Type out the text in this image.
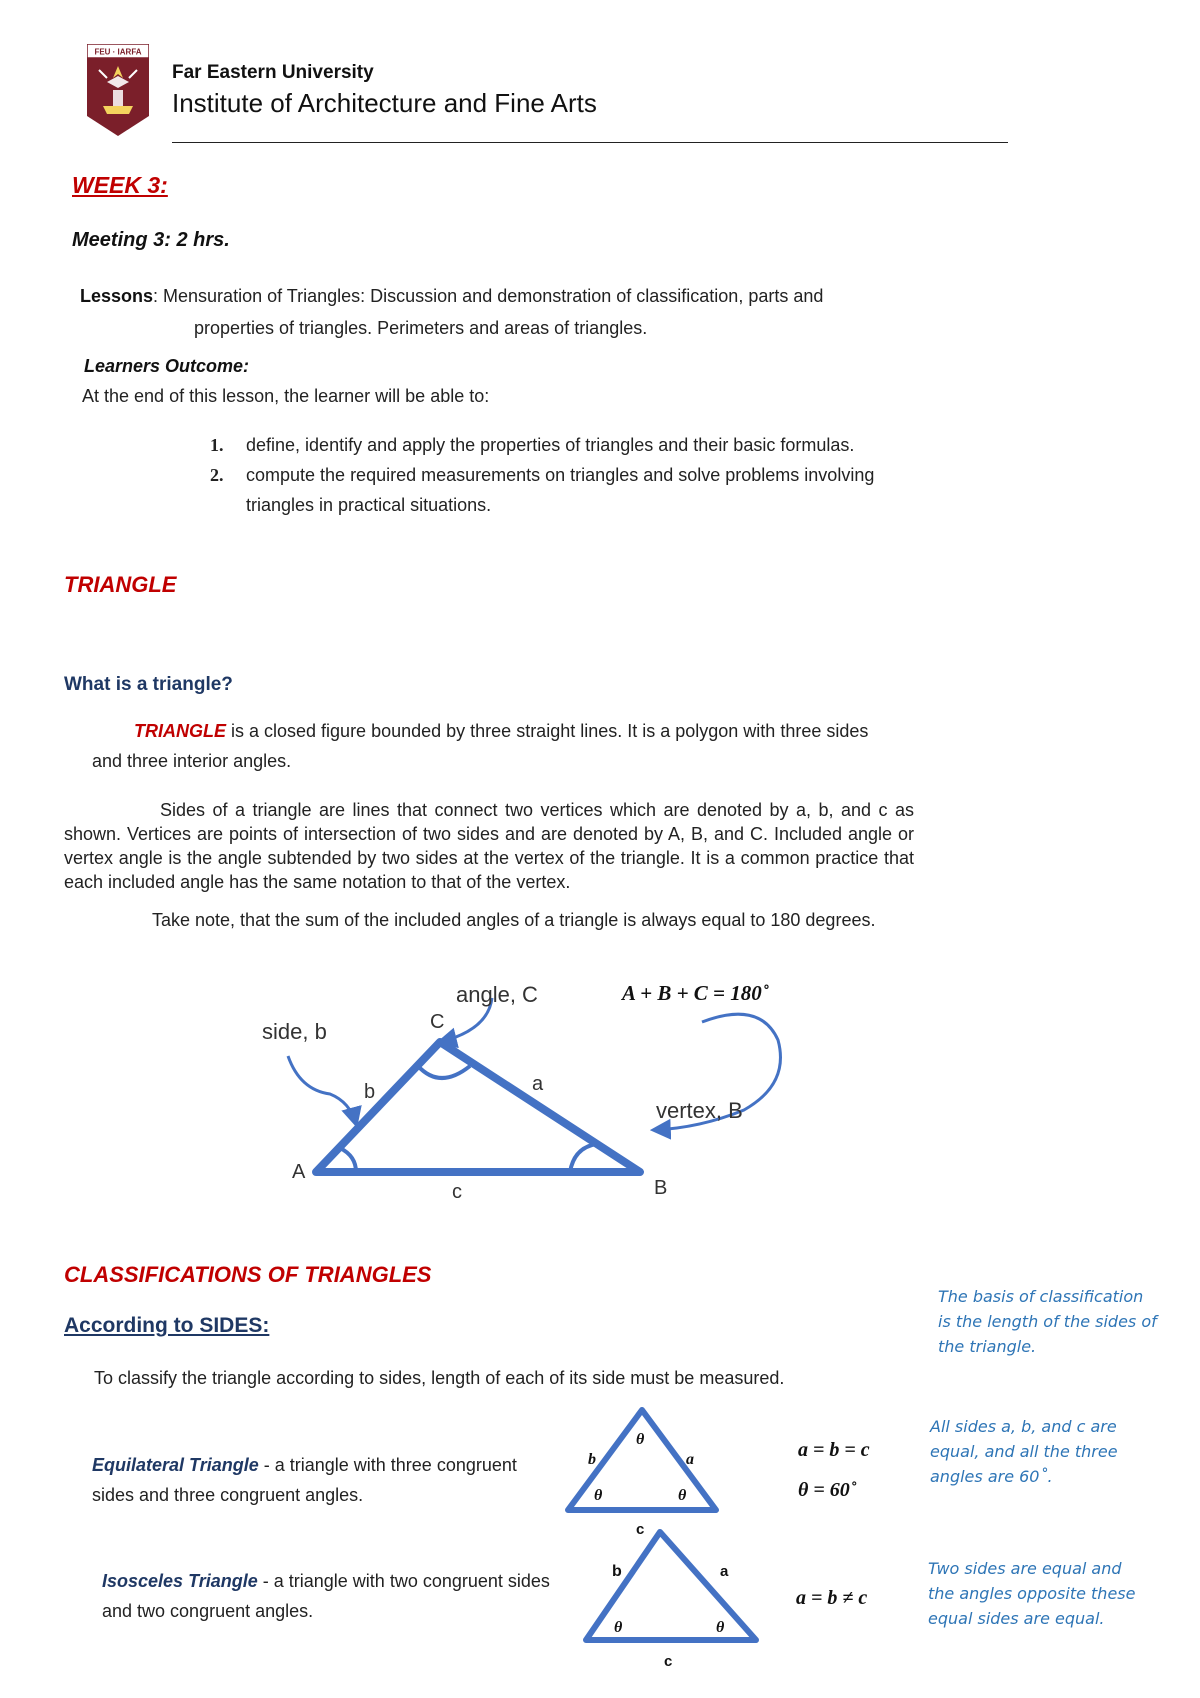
FEU · IARFA
Far Eastern University
Institute of Architecture and Fine Arts
WEEK 3:
Meeting 3: 2 hrs.
Lessons: Mensuration of Triangles: Discussion and demonstration of classification, parts and
properties of triangles. Perimeters and areas of triangles.
Learners Outcome:
At the end of this lesson, the learner will be able to:
1.	define, identify and apply the properties of triangles and their basic formulas.
2.	compute the required measurements on triangles and solve problems involving
triangles in practical situations.
TRIANGLE
What is a triangle?
TRIANGLE is a closed figure bounded by three straight lines. It is a polygon with three sides
and three interior angles.
Sides of a triangle are lines that connect two vertices which are denoted by a, b, and c as shown. Vertices are points of intersection of two sides and are denoted by A, B, and C. Included angle or vertex angle is the angle subtended by two sides at the vertex of the triangle. It is a common practice that each included angle has the same notation to that of the vertex.
Take note, that the sum of the included angles of a triangle is always equal to 180 degrees.
angle, C
side, b
vertex, B
A
B
C
a
b
c
A + B + C = 180˚
CLASSIFICATIONS OF TRIANGLES
According to SIDES:
To classify the triangle according to sides, length of each of its side must be measured.
The basis of classification is the length of the sides of the triangle.
All sides a, b, and c are equal, and all the three angles are 60˚.
Two sides are equal and the angles opposite these equal sides are equal.
Equilateral Triangle - a triangle with three congruent
sides and three congruent angles.
Isosceles Triangle - a triangle with two congruent sides
and two congruent angles.
θ
θ	θ
b	a
c
a = b = c
θ = 60˚
b	a
θ	θ
c
a = b ≠ c
